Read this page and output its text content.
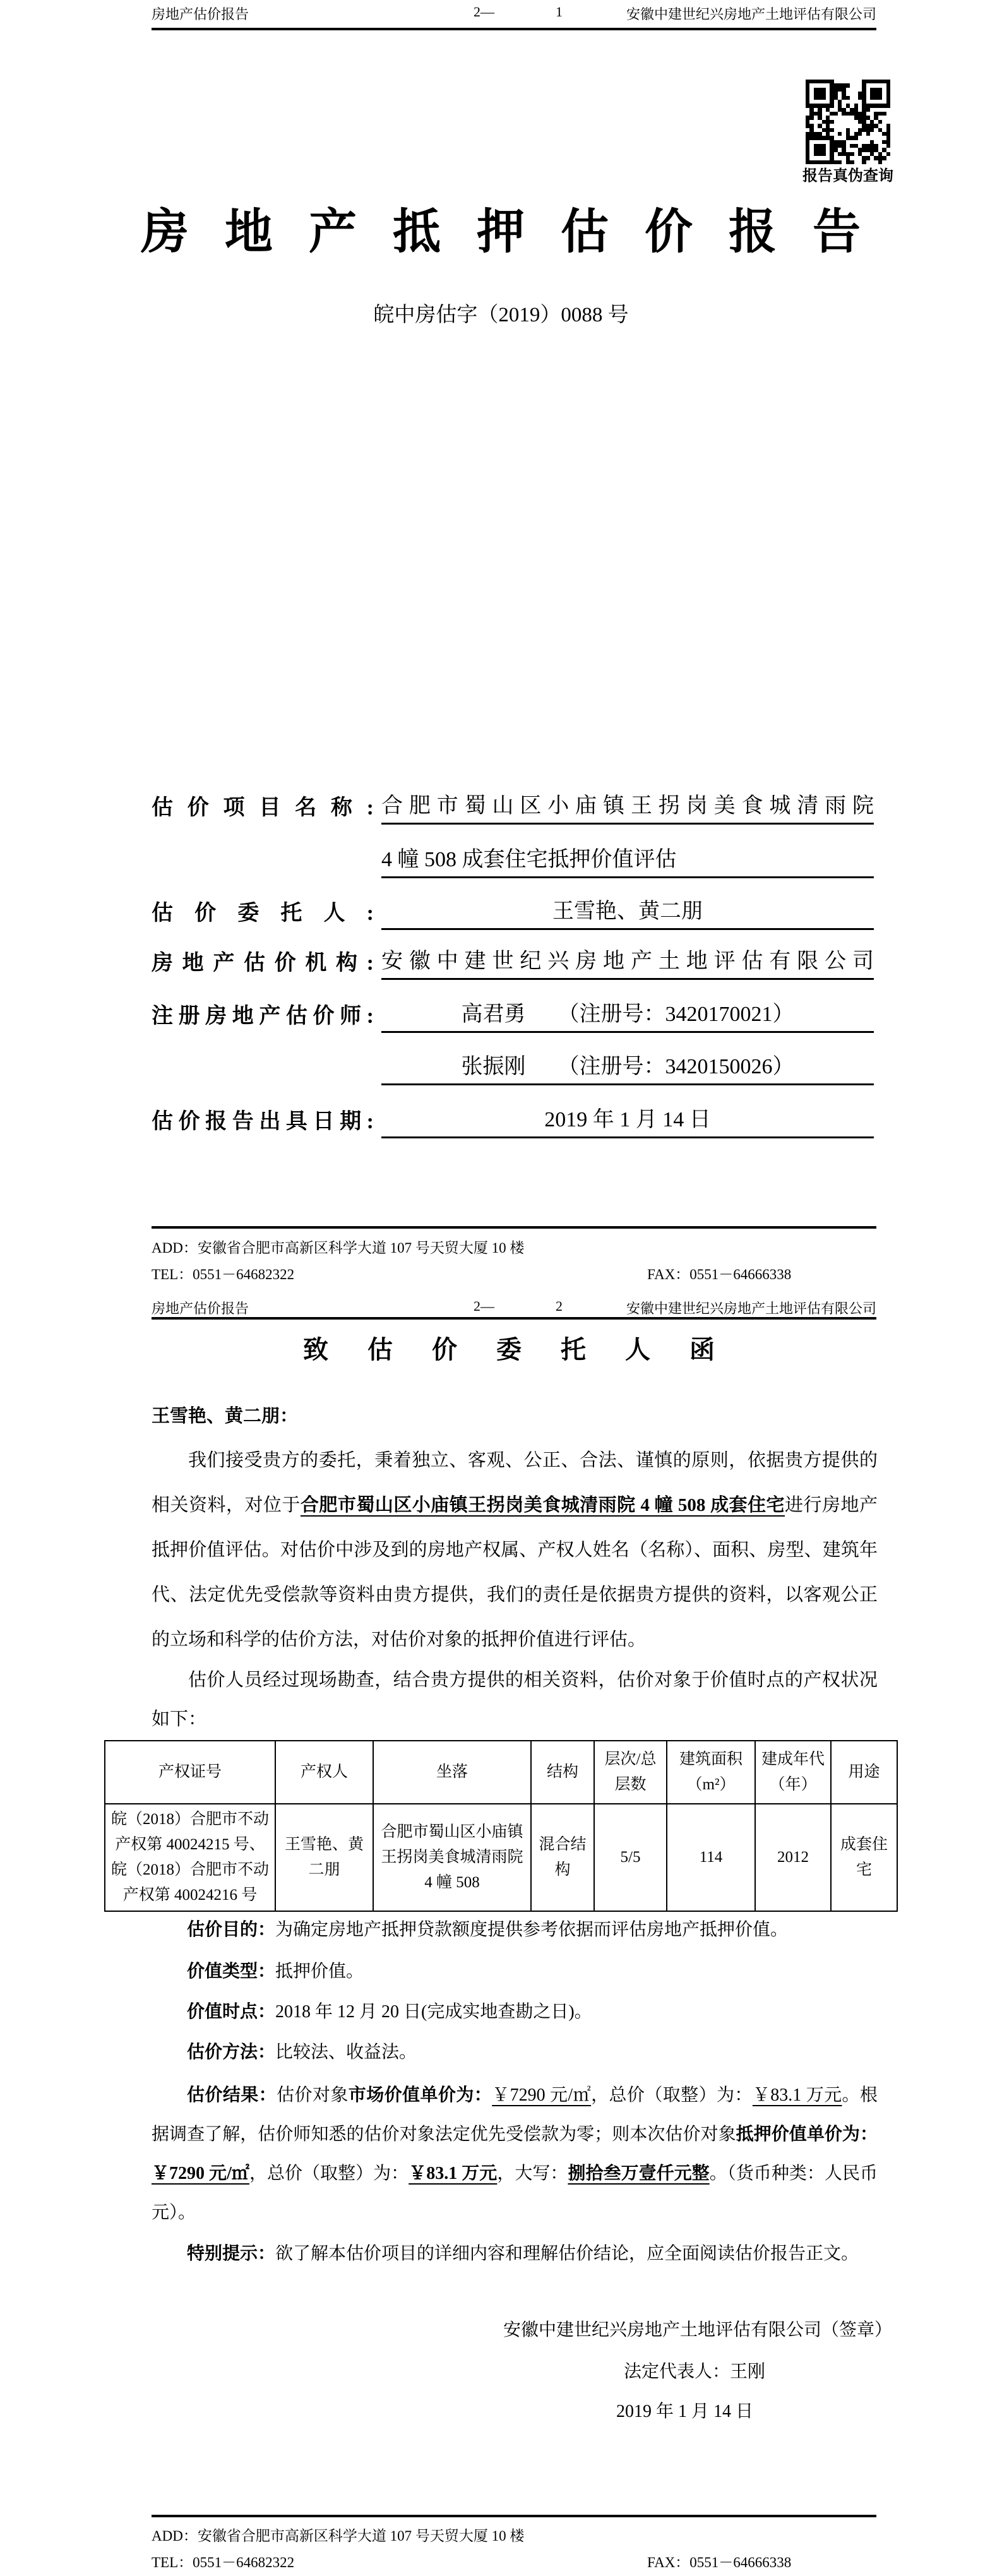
房地产估价报告	2—	1	安徽中建世纪兴房地产土地评估有限公司
报告真伪查询
房地产抵押估价报告
皖中房估字（2019）0088 号
估价项目名称: 合肥市蜀山区小庙镇王拐岗美食城清雨院
4 幢 508 成套住宅抵押价值评估
估价委托人:	王雪艳、黄二朋
房地产估价机构: 安徽中建世纪兴房地产土地评估有限公司
注册房地产估价师:	高君勇　　（注册号：3420170021）
张振刚　　（注册号：3420150026）
估价报告出具日期:	2019 年 1 月 14 日
ADD：安徽省合肥市高新区科学大道 107 号天贸大厦 10 楼
TEL：0551－64682322	FAX：0551－64666338
房地产估价报告	2—	2	安徽中建世纪兴房地产土地评估有限公司
致估价委托人函
王雪艳、黄二朋：
我们接受贵方的委托，秉着独立、客观、公正、合法、谨慎的原则，依据贵方提供的相关资料，对位于合肥市蜀山区小庙镇王拐岗美食城清雨院 4 幢 508 成套住宅进行房地产抵押价值评估。对估价中涉及到的房地产权属、产权人姓名（名称）、面积、房型、建筑年代、法定优先受偿款等资料由贵方提供，我们的责任是依据贵方提供的资料，以客观公正的立场和科学的估价方法，对估价对象的抵押价值进行评估。
估价人员经过现场勘查，结合贵方提供的相关资料，估价对象于价值时点的产权状况如下：
产权证号	产权人	坐落	结构	层次/总层数	建筑面积（m²）	建成年代（年）	用途
皖（2018）合肥市不动产权第 40024215 号、皖（2018）合肥市不动产权第 40024216 号	王雪艳、黄二朋	合肥市蜀山区小庙镇王拐岗美食城清雨院 4 幢 508	混合结构	5/5	114	2012	成套住宅
估价目的：为确定房地产抵押贷款额度提供参考依据而评估房地产抵押价值。
价值类型：抵押价值。
价值时点：2018 年 12 月 20 日(完成实地查勘之日)。
估价方法：比较法、收益法。
估价结果：估价对象市场价值单价为：￥7290 元/㎡，总价（取整）为：￥83.1 万元。根据调查了解，估价师知悉的估价对象法定优先受偿款为零；则本次估价对象抵押价值单价为：￥7290 元/㎡，总价（取整）为：￥83.1 万元，大写：捌拾叁万壹仟元整。（货币种类：人民币元）。
特别提示：欲了解本估价项目的详细内容和理解估价结论，应全面阅读估价报告正文。
安徽中建世纪兴房地产土地评估有限公司（签章）
法定代表人：王刚
2019 年 1 月 14 日
ADD：安徽省合肥市高新区科学大道 107 号天贸大厦 10 楼
TEL：0551－64682322	FAX：0551－64666338
